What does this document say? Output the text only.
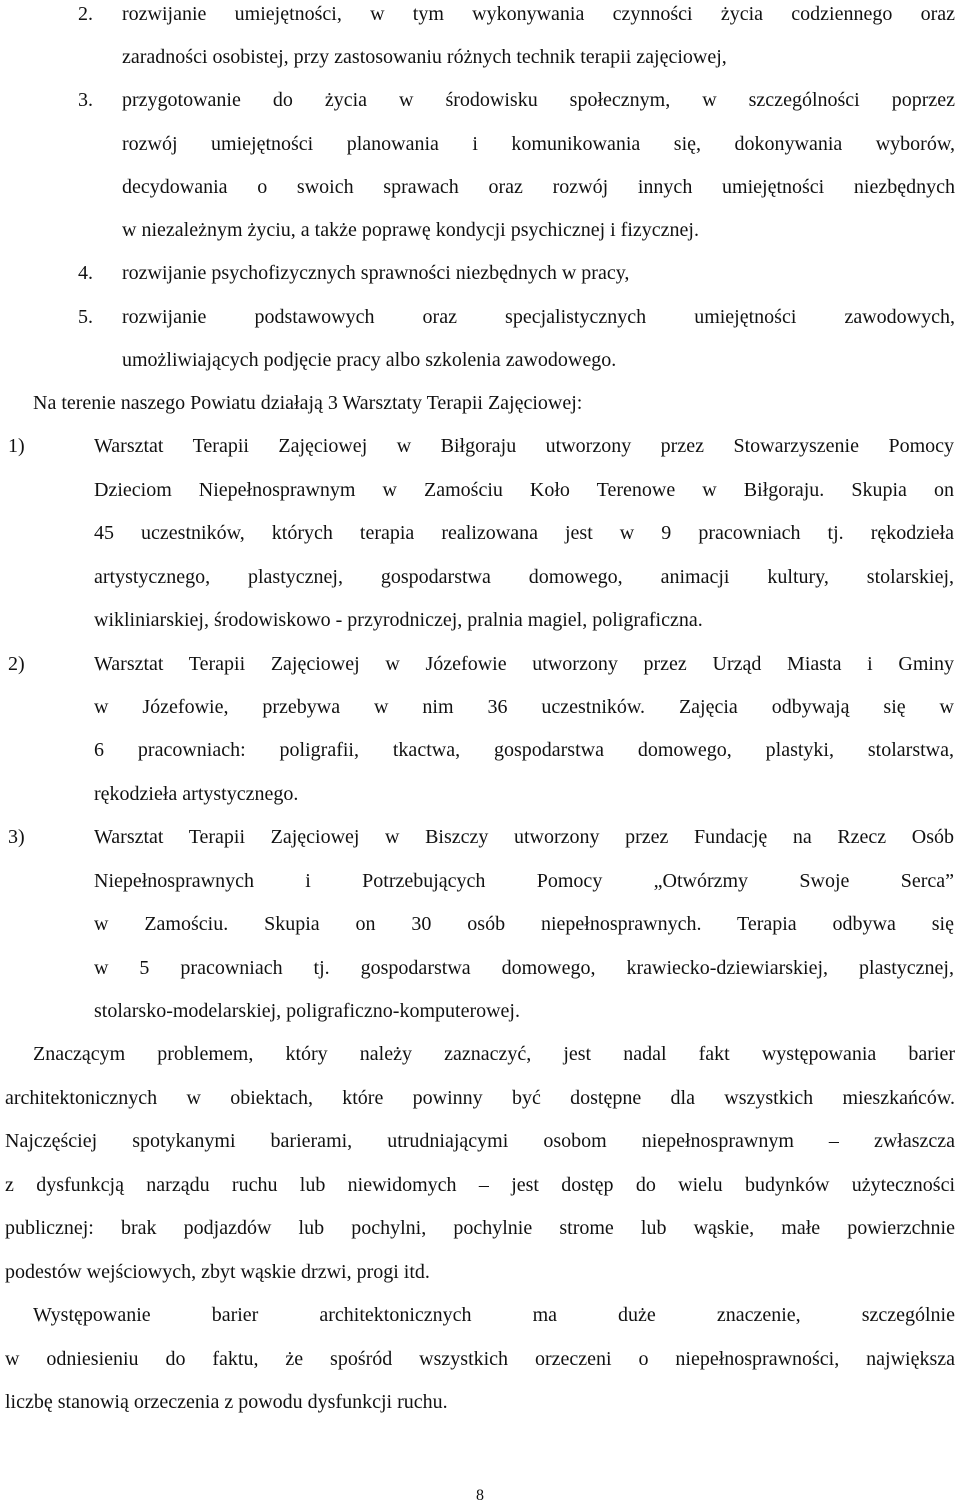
2. rozwijanie umiejętności, w tym wykonywania czynności życia codziennego oraz
zaradności osobistej, przy zastosowaniu różnych technik terapii zajęciowej,
3. przygotowanie do życia w środowisku społecznym, w szczególności poprzez
rozwój umiejętności planowania i komunikowania się, dokonywania wyborów,
decydowania o swoich sprawach oraz rozwój innych umiejętności niezbędnych
w niezależnym życiu, a także poprawę kondycji psychicznej i fizycznej.
4. rozwijanie psychofizycznych sprawności niezbędnych w pracy,
5. rozwijanie podstawowych oraz specjalistycznych umiejętności zawodowych,
umożliwiających podjęcie pracy albo szkolenia zawodowego.
Na terenie naszego Powiatu działają 3 Warsztaty Terapii Zajęciowej:
1)	Warsztat Terapii Zajęciowej w Biłgoraju utworzony przez Stowarzyszenie Pomocy
Dzieciom Niepełnosprawnym w Zamościu Koło Terenowe w Biłgoraju. Skupia on
45 uczestników, których terapia realizowana jest w 9 pracowniach tj. rękodzieła
artystycznego, plastycznej, gospodarstwa domowego, animacji kultury, stolarskiej,
wikliniarskiej, środowiskowo - przyrodniczej, pralnia magiel, poligraficzna.
2)	Warsztat Terapii Zajęciowej w Józefowie utworzony przez Urząd Miasta i Gminy
w Józefowie, przebywa w nim 36 uczestników. Zajęcia odbywają się w
6 pracowniach: poligrafii, tkactwa, gospodarstwa domowego, plastyki, stolarstwa,
rękodzieła artystycznego.
3)	Warsztat Terapii Zajęciowej w Biszczy utworzony przez Fundację na Rzecz Osób
Niepełnosprawnych i Potrzebujących Pomocy „Otwórzmy Swoje Serca”
w Zamościu. Skupia on 30 osób niepełnosprawnych. Terapia odbywa się
w 5 pracowniach tj. gospodarstwa domowego, krawiecko-dziewiarskiej, plastycznej,
stolarsko-modelarskiej, poligraficzno-komputerowej.
Znaczącym problemem, który należy zaznaczyć, jest nadal fakt występowania barier
architektonicznych w obiektach, które powinny być dostępne dla wszystkich mieszkańców.
Najczęściej spotykanymi barierami, utrudniającymi osobom niepełnosprawnym – zwłaszcza
z dysfunkcją narządu ruchu lub niewidomych – jest dostęp do wielu budynków użyteczności
publicznej: brak podjazdów lub pochylni, pochylnie strome lub wąskie, małe powierzchnie
podestów wejściowych, zbyt wąskie drzwi, progi itd.
Występowanie barier architektonicznych ma duże znaczenie, szczególnie
w odniesieniu do faktu, że spośród wszystkich orzeczeni o niepełnosprawności, największa
liczbę stanowią orzeczenia z powodu dysfunkcji ruchu.
8
